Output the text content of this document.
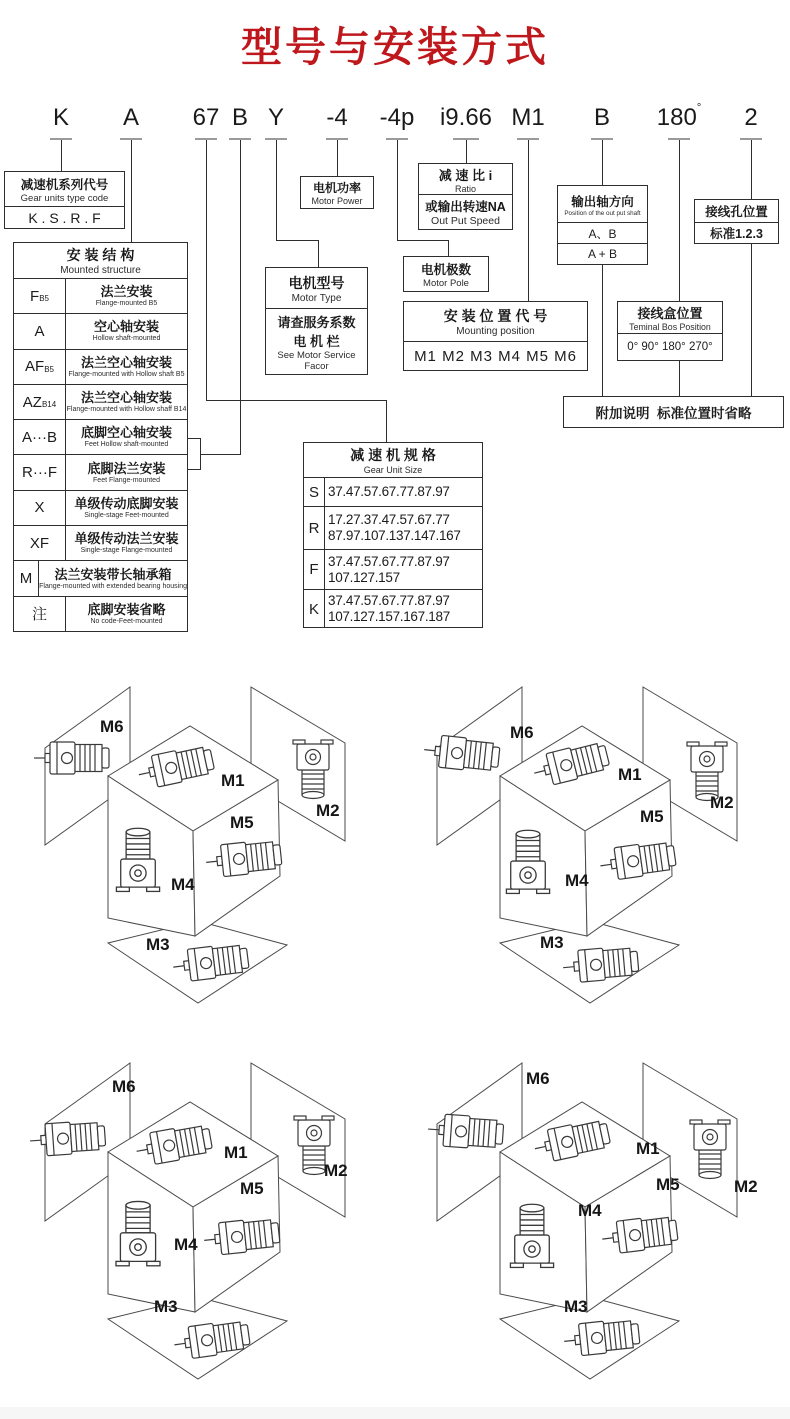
型号与安装方式
K A 67 B Y -4 -4p i9.66 M1 B 180° 2
减速机系列代号
Gear units type code
K . S . R . F
电机功率
Motor Power
减 速 比 i
Ratio
或输出转速NA
Out Put Speed
电机型号
Motor Type
请查服务系数
电 机 栏
See Motor Service
Facor
电机极数
Motor Pole
安 装 位 置 代 号
Mounting position
M1 M2 M3 M4 M5 M6
输出轴方向
Position of the out put shaft
A、B
A + B
接线盒位置
Teminal Bos Position
0° 90° 180° 270°
接线孔位置
标准1.2.3
附加说明  标准位置时省略
安 装 结 构
Mounted structure
F B5	法兰安装
Flange-mounted B5
A	空心轴安装
Hollow shaft-mounted
AF B5	法兰空心轴安装
Flange-mounted with Hollow shaft B5
AZ B14	法兰空心轴安装
Flange-mounted with Hollow shaff B14
A···B	底脚空心轴安装
Feet Hollow shaft-mounted
R···F	底脚法兰安装
Feet Flange-mounted
X	单级传动底脚安装
Single-stage Feet-mounted
XF	单级传动法兰安装
Single-stage Flange-mounted
M	法兰安装带长轴承箱
Flange-mounted with extended bearing housing
注	底脚安装省略
No code-Feet-mounted
减 速 机 规 格
Gear Unit Size
S 37.47.57.67.77.87.97
R 17.27.37.47.57.67.77
87.97.107.137.147.167
F 37.47.57.67.77.87.97
107.127.157
K 37.47.57.67.77.87.97
107.127.157.167.187
M1
M2
M3
M4
M5
M6
M1
M2
M3
M4
M5
M6
M1
M2
M3
M4
M5
M6
M1
M2
M3
M4
M5
M6
